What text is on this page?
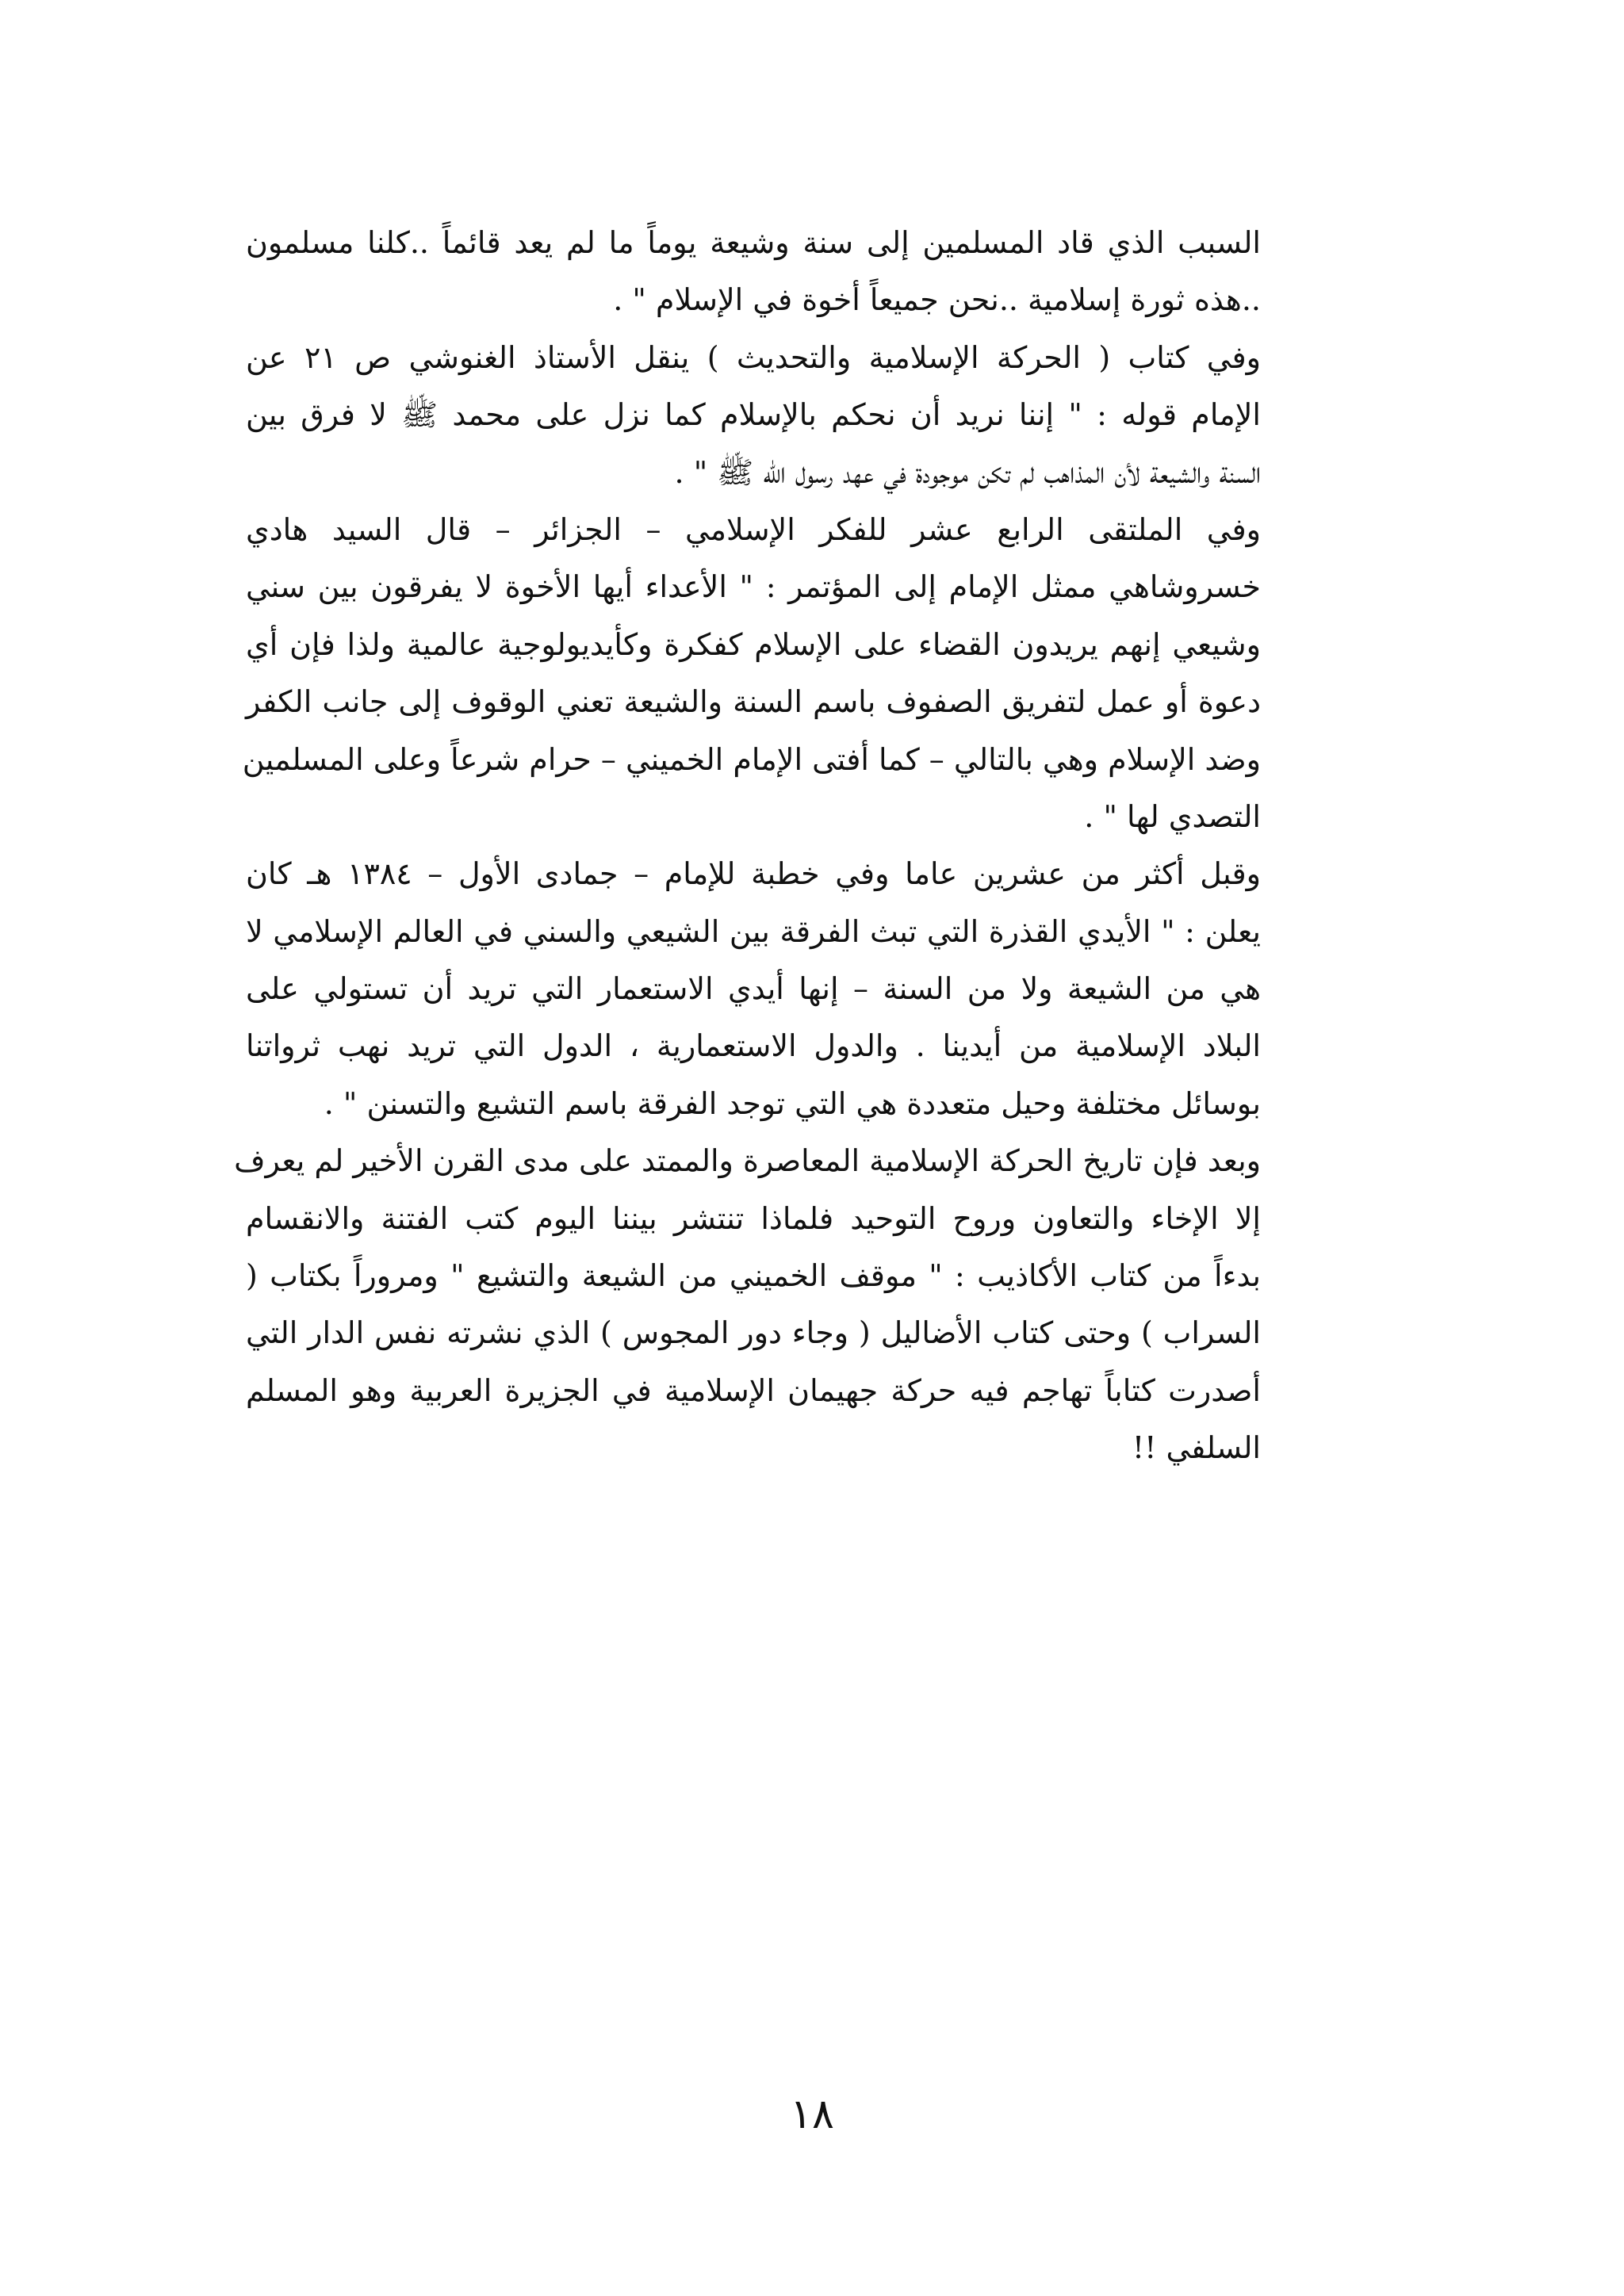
السبب الذي قاد المسلمين إلى سنة وشيعة يوماً ما لم يعد قائماً ..كلنا مسلمون
..هذه ثورة إسلامية ..نحن جميعاً أخوة في الإسلام " .
وفي كتاب ( الحركة الإسلامية والتحديث ) ينقل الأستاذ الغنوشي ص ٢١ عن
الإمام قوله : " إننا نريد أن نحكم بالإسلام كما نزل على محمد ﷺ لا فرق بين
السنة والشيعة لأن المذاهب لم تكن موجودة في عهد رسول الله ﷺ " .
وفي الملتقى الرابع عشر للفكر الإسلامي – الجزائر – قال السيد هادي
خسروشاهي ممثل الإمام إلى المؤتمر : " الأعداء أيها الأخوة لا يفرقون بين سني
وشيعي إنهم يريدون القضاء على الإسلام كفكرة وكأيديولوجية عالمية ولذا فإن أي
دعوة أو عمل لتفريق الصفوف باسم السنة والشيعة تعني الوقوف إلى جانب الكفر
وضد الإسلام وهي بالتالي – كما أفتى الإمام الخميني – حرام شرعاً وعلى المسلمين
التصدي لها " .
وقبل أكثر من عشرين عاما وفي خطبة للإمام – جمادى الأول – ١٣٨٤ هـ كان
يعلن : " الأيدي القذرة التي تبث الفرقة بين الشيعي والسني في العالم الإسلامي لا
هي من الشيعة ولا من السنة – إنها أيدي الاستعمار التي تريد أن تستولي على
البلاد الإسلامية من أيدينا . والدول الاستعمارية ، الدول التي تريد نهب ثرواتنا
بوسائل مختلفة وحيل متعددة هي التي توجد الفرقة باسم التشيع والتسنن " .
وبعد فإن تاريخ الحركة الإسلامية المعاصرة والممتد على مدى القرن الأخير لم يعرف
إلا الإخاء والتعاون وروح التوحيد فلماذا تنتشر بيننا اليوم كتب الفتنة والانقسام
بدءاً من كتاب الأكاذيب : " موقف الخميني من الشيعة والتشيع " ومروراً بكتاب (
السراب ) وحتى كتاب الأضاليل ( وجاء دور المجوس ) الذي نشرته نفس الدار التي
أصدرت كتاباً تهاجم فيه حركة جهيمان الإسلامية في الجزيرة العربية وهو المسلم
السلفي !!
١٨
